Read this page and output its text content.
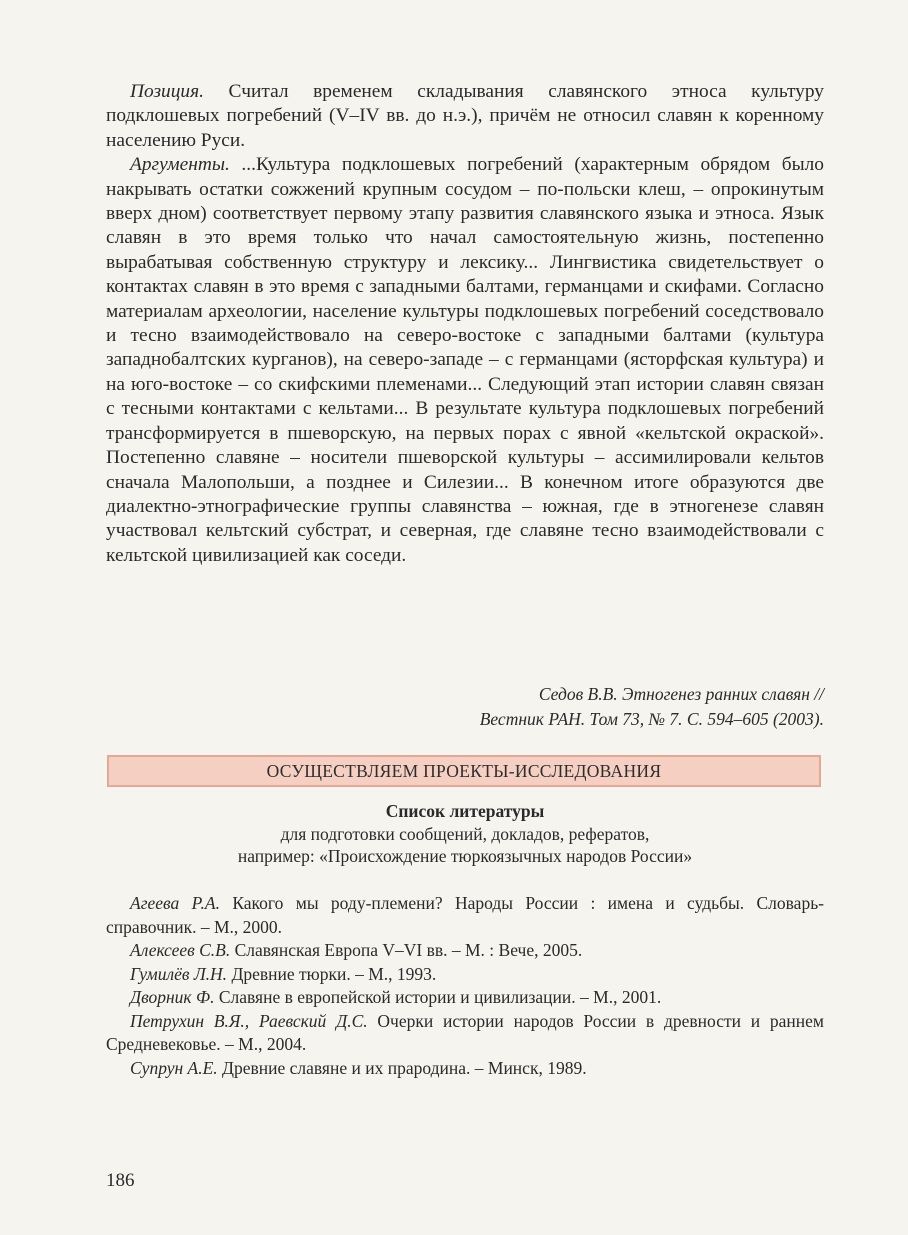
Позиция. Считал временем складывания славянского этноса культуру подклошевых погребений (V–IV вв. до н.э.), причём не относил славян к коренному населению Руси.

Аргументы. ...Культура подклошевых погребений (характерным обрядом было накрывать остатки сожжений крупным сосудом – по-польски клеш, – опрокинутым вверх дном) соответствует первому этапу развития славянского языка и этноса. Язык славян в это время только что начал самостоятельную жизнь, постепенно вырабатывая собственную структуру и лексику... Лингвистика свидетельствует о контактах славян в это время с западными балтами, германцами и скифами. Согласно материалам археологии, население культуры подклошевых погребений соседствовало и тесно взаимодействовало на северо-востоке с западными балтами (культура западнобалтских курганов), на северо-западе – с германцами (ясторфская культура) и на юго-востоке – со скифскими племенами... Следующий этап истории славян связан с тесными контактами с кельтами... В результате культура подклошевых погребений трансформируется в пшеворскую, на первых порах с явной «кельтской окраской». Постепенно славяне – носители пшеворской культуры – ассимилировали кельтов сначала Малопольши, а позднее и Силезии... В конечном итоге образуются две диалектно-этнографические группы славянства – южная, где в этногенезе славян участвовал кельтский субстрат, и северная, где славяне тесно взаимодействовали с кельтской цивилизацией как соседи.

Седов В.В. Этногенез ранних славян //
Вестник РАН. Том 73, № 7. С. 594–605 (2003).
ОСУЩЕСТВЛЯЕМ ПРОЕКТЫ-ИССЛЕДОВАНИЯ
Список литературы
для подготовки сообщений, докладов, рефератов,
например: «Происхождение тюркоязычных народов России»

Агеева Р.А. Какого мы роду-племени? Народы России : имена и судьбы. Словарь-справочник. – М., 2000.

Алексеев С.В. Славянская Европа V–VI вв. – М. : Вече, 2005.

Гумилёв Л.Н. Древние тюрки. – М., 1993.

Дворник Ф. Славяне в европейской истории и цивилизации. – М., 2001.

Петрухин В.Я., Раевский Д.С. Очерки истории народов России в древности и раннем Средневековье. – М., 2004.

Супрун А.Е. Древние славяне и их прародина. – Минск, 1989.

186
